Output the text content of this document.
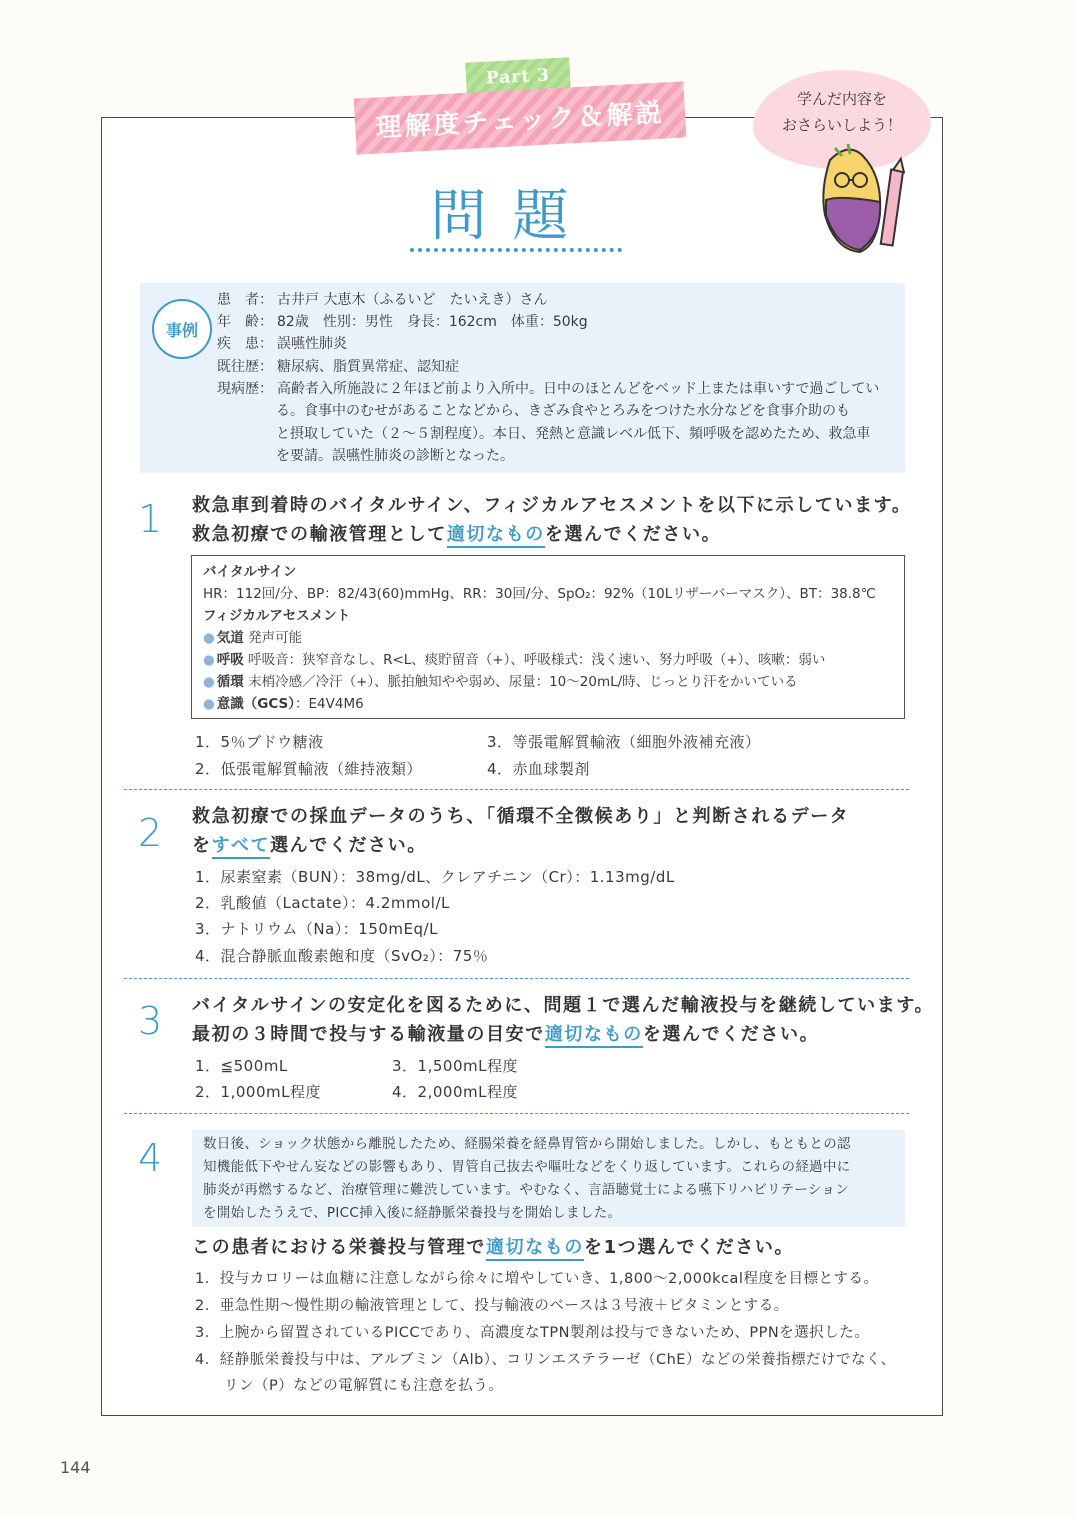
学んだ内容を
おさらいしよう！
Part 3
理解度チェック＆解説
問題
事例
患　者： 古井戸 大恵木（ふるいど　たいえき）さん
年　齢： 82歳　性別：男性　身長：162cm　体重：50kg
疾　患： 誤嚥性肺炎
既往歴： 糖尿病、脂質異常症、認知症
現病歴： 高齢者入所施設に２年ほど前より入所中。日中のほとんどをベッド上または車いすで過ごしてい
る。食事中のむせがあることなどから、きざみ食やとろみをつけた水分などを食事介助のも
と摂取していた（２～５割程度）。本日、発熱と意識レベル低下、頻呼吸を認めたため、救急車
を要請。誤嚥性肺炎の診断となった。
1 救急車到着時のバイタルサイン、フィジカルアセスメントを以下に示しています。
救急初療での輸液管理として適切なものを選んでください。
バイタルサイン
HR：112回/分、BP：82/43(60)mmHg、RR：30回/分、SpO₂：92%（10Lリザーバーマスク）、BT：38.8℃
フィジカルアセスメント
● 気道 発声可能
● 呼吸 呼吸音：狭窄音なし、R<L、痰貯留音（+）、呼吸様式：浅く速い、努力呼吸（+）、咳嗽：弱い
● 循環 末梢冷感／冷汗（+）、脈拍触知やや弱め、尿量：10～20mL/時、じっとり汗をかいている
● 意識（GCS）：E4V4M6
1．5％ブドウ糖液	3．等張電解質輸液（細胞外液補充液）
2．低張電解質輸液（維持液類）	4．赤血球製剤
2 救急初療での採血データのうち、「循環不全徴候あり」と判断されるデータ
をすべて選んでください。
1．尿素窒素（BUN）：38mg/dL、クレアチニン（Cr）：1.13mg/dL
2．乳酸値（Lactate）：4.2mmol/L
3．ナトリウム（Na）：150mEq/L
4．混合静脈血酸素飽和度（SvO₂）：75％
3 バイタルサインの安定化を図るために、問題１で選んだ輸液投与を継続しています。
最初の３時間で投与する輸液量の目安で適切なものを選んでください。
1．≦500mL	3．1,500mL程度
2．1,000mL程度	4．2,000mL程度
4	数日後、ショック状態から離脱したため、経腸栄養を経鼻胃管から開始しました。しかし、もともとの認
知機能低下やせん妄などの影響もあり、胃管自己抜去や嘔吐などをくり返しています。これらの経過中に
肺炎が再燃するなど、治療管理に難渋しています。やむなく、言語聴覚士による嚥下リハビリテーション
を開始したうえで、PICC挿入後に経静脈栄養投与を開始しました。
この患者における栄養投与管理で適切なものを1つ選んでください。
1．投与カロリーは血糖に注意しながら徐々に増やしていき、1,800～2,000kcal程度を目標とする。
2．亜急性期～慢性期の輸液管理として、投与輸液のベースは３号液＋ビタミンとする。
3．上腕から留置されているPICCであり、高濃度なTPN製剤は投与できないため、PPNを選択した。
4．経静脈栄養投与中は、アルブミン（Alb）、コリンエステラーゼ（ChE）などの栄養指標だけでなく、
リン（P）などの電解質にも注意を払う。
144
